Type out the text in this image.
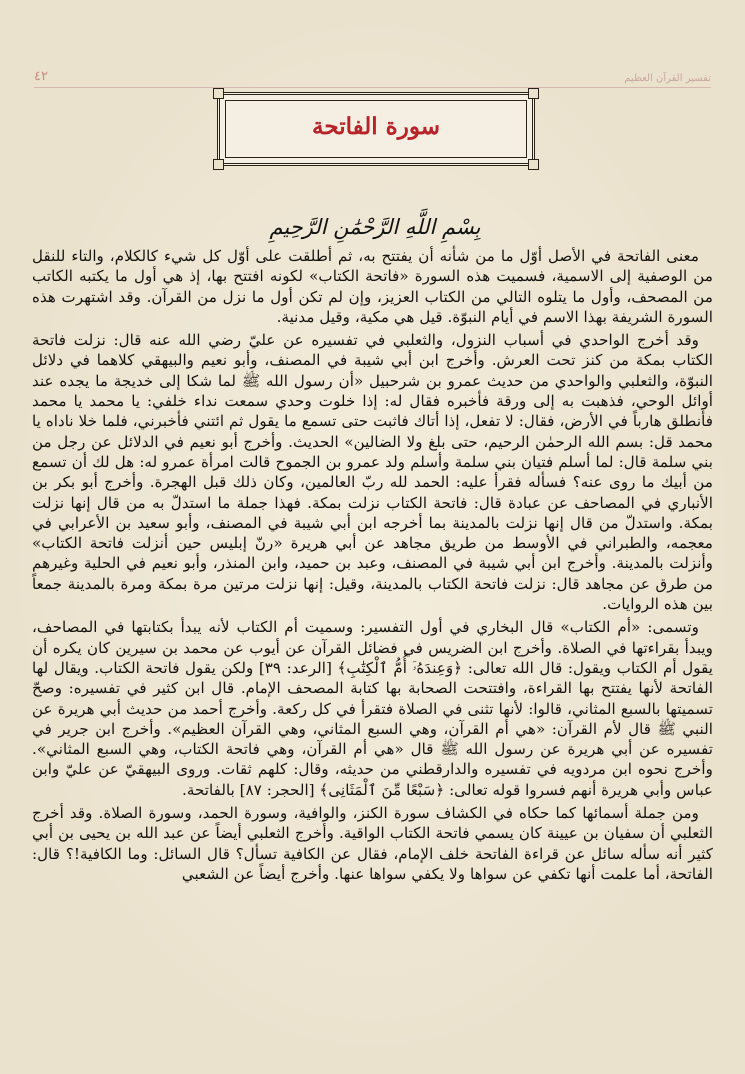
تفسير القرآن العظيم
٤٢
سورة الفاتحة
بِسْمِ اللَّهِ الرَّحْمَٰنِ الرَّحِيمِ

معنى الفاتحة في الأصل أوّل ما من شأنه أن يفتتح به، ثم أطلقت على أوّل كل شيء كالكلام، والتاء للنقل من الوصفية إلى الاسمية، فسميت هذه السورة «فاتحة الكتاب» لكونه افتتح بها، إذ هي أول ما يكتبه الكاتب من المصحف، وأول ما يتلوه التالي من الكتاب العزيز، وإن لم تكن أول ما نزل من القرآن. وقد اشتهرت هذه السورة الشريفة بهذا الاسم في أيام النبوّة. قيل هي مكية، وقيل مدنية.

وقد أخرج الواحدي في أسباب النزول، والثعلبي في تفسيره عن عليّ رضي الله عنه قال: نزلت فاتحة الكتاب بمكة من كنز تحت العرش. وأخرج ابن أبي شيبة في المصنف، وأبو نعيم والبيهقي كلاهما في دلائل النبوّة، والثعلبي والواحدي من حديث عمرو بن شرحبيل «أن رسول الله ﷺ لما شكا إلى خديجة ما يجده عند أوائل الوحي، فذهبت به إلى ورقة فأخبره فقال له: إذا خلوت وحدي سمعت نداء خلفي: يا محمد يا محمد فأنطلق هارباً في الأرض، فقال: لا تفعل، إذا أتاك فاثبت حتى تسمع ما يقول ثم ائتني فأخبرني، فلما خلا ناداه يا محمد قل: بسم الله الرحمٰن الرحيم، حتى بلغ ولا الضالين» الحديث. وأخرج أبو نعيم في الدلائل عن رجل من بني سلمة قال: لما أسلم فتيان بني سلمة وأسلم ولد عمرو بن الجموح قالت امرأة عمرو له: هل لك أن تسمع من أبيك ما روى عنه؟ فسأله فقرأ عليه: الحمد لله ربّ العالمين، وكان ذلك قبل الهجرة. وأخرج أبو بكر بن الأنباري في المصاحف عن عبادة قال: فاتحة الكتاب نزلت بمكة. فهذا جملة ما استدلّ به من قال إنها نزلت بمكة. واستدلّ من قال إنها نزلت بالمدينة بما أخرجه ابن أبي شيبة في المصنف، وأبو سعيد بن الأعرابي في معجمه، والطبراني في الأوسط من طريق مجاهد عن أبي هريرة «رنّ إبليس حين أنزلت فاتحة الكتاب» وأنزلت بالمدينة. وأخرج ابن أبي شيبة في المصنف، وعبد بن حميد، وابن المنذر، وأبو نعيم في الحلية وغيرهم من طرق عن مجاهد قال: نزلت فاتحة الكتاب بالمدينة، وقيل: إنها نزلت مرتين مرة بمكة ومرة بالمدينة جمعاً بين هذه الروايات.

وتسمى: «أم الكتاب» قال البخاري في أول التفسير: وسميت أم الكتاب لأنه يبدأ بكتابتها في المصاحف، ويبدأ بقراءتها في الصلاة. وأخرج ابن الضريس في فضائل القرآن عن أيوب عن محمد بن سيرين كان يكره أن يقول أم الكتاب ويقول: قال الله تعالى: ﴿وَعِندَهُۥٓ أُمُّ ٱلْكِتَٰبِ﴾ [الرعد: ٣٩] ولكن يقول فاتحة الكتاب. ويقال لها الفاتحة لأنها يفتتح بها القراءة، وافتتحت الصحابة بها كتابة المصحف الإمام. قال ابن كثير في تفسيره: وصحّ تسميتها بالسبع المثاني، قالوا: لأنها تثنى في الصلاة فتقرأ في كل ركعة. وأخرج أحمد من حديث أبي هريرة عن النبي ﷺ قال لأم القرآن: «هي أم القرآن، وهي السبع المثاني، وهي القرآن العظيم». وأخرج ابن جرير في تفسيره عن أبي هريرة عن رسول الله ﷺ قال «هي أم القرآن، وهي فاتحة الكتاب، وهي السبع المثاني». وأخرج نحوه ابن مردويه في تفسيره والدارقطني من حديثه، وقال: كلهم ثقات. وروى البيهقيّ عن عليّ وابن عباس وأبي هريرة أنهم فسروا قوله تعالى: ﴿سَبْعًا مِّنَ ٱلْمَثَانِى﴾ [الحجر: ٨٧] بالفاتحة.

ومن جملة أسمائها كما حكاه في الكشاف سورة الكنز، والوافية، وسورة الحمد، وسورة الصلاة. وقد أخرج الثعلبي أن سفيان بن عيينة كان يسمي فاتحة الكتاب الواقية. وأخرج الثعلبي أيضاً عن عبد الله بن يحيى بن أبي كثير أنه سأله سائل عن قراءة الفاتحة خلف الإمام، فقال عن الكافية تسأل؟ قال السائل: وما الكافية!؟ قال: الفاتحة، أما علمت أنها تكفي عن سواها ولا يكفي سواها عنها. وأخرج أيضاً عن الشعبي
